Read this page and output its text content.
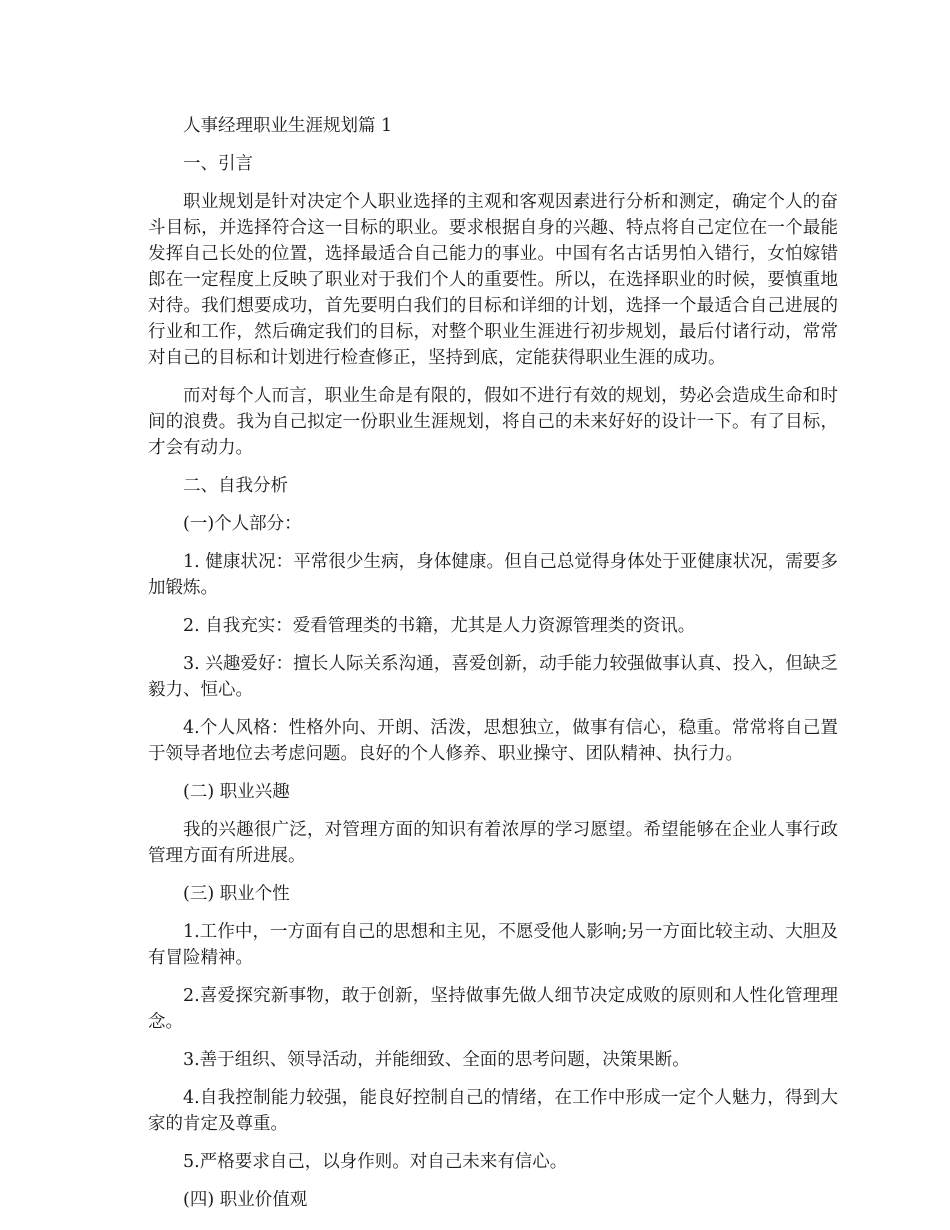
人事经理职业生涯规划篇 1

一、引言

职业规划是针对决定个人职业选择的主观和客观因素进行分析和测定，确定个人的奋斗目标，并选择符合这一目标的职业。要求根据自身的兴趣、特点将自己定位在一个最能发挥自己长处的位置，选择最适合自己能力的事业。中国有名古话男怕入错行，女怕嫁错郎在一定程度上反映了职业对于我们个人的重要性。所以，在选择职业的时候，要慎重地对待。我们想要成功，首先要明白我们的目标和详细的计划，选择一个最适合自己进展的行业和工作，然后确定我们的目标，对整个职业生涯进行初步规划，最后付诸行动，常常对自己的目标和计划进行检查修正，坚持到底，定能获得职业生涯的成功。

而对每个人而言，职业生命是有限的，假如不进行有效的规划，势必会造成生命和时间的浪费。我为自己拟定一份职业生涯规划，将自己的未来好好的设计一下。有了目标，才会有动力。

二、自我分析

(一)个人部分：

1. 健康状况：平常很少生病，身体健康。但自己总觉得身体处于亚健康状况，需要多加锻炼。

2. 自我充实：爱看管理类的书籍，尤其是人力资源管理类的资讯。

3. 兴趣爱好：擅长人际关系沟通，喜爱创新，动手能力较强做事认真、投入，但缺乏毅力、恒心。

4.个人风格：性格外向、开朗、活泼，思想独立，做事有信心，稳重。常常将自己置于领导者地位去考虑问题。良好的个人修养、职业操守、团队精神、执行力。

(二) 职业兴趣

我的兴趣很广泛，对管理方面的知识有着浓厚的学习愿望。希望能够在企业人事行政管理方面有所进展。

(三) 职业个性

1.工作中，一方面有自己的思想和主见，不愿受他人影响;另一方面比较主动、大胆及有冒险精神。

2.喜爱探究新事物，敢于创新，坚持做事先做人细节决定成败的原则和人性化管理理念。

3.善于组织、领导活动，并能细致、全面的思考问题，决策果断。

4.自我控制能力较强，能良好控制自己的情绪，在工作中形成一定个人魅力，得到大家的肯定及尊重。

5.严格要求自己，以身作则。对自己未来有信心。

(四) 职业价值观
